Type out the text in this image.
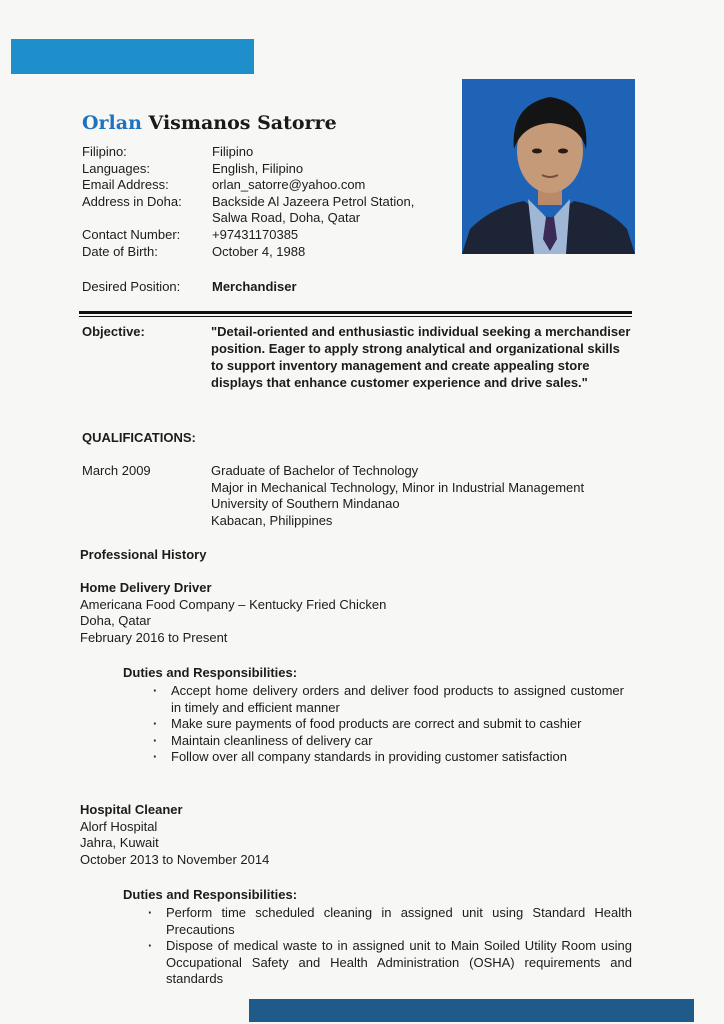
Orlan Vismanos Satorre
Filipino:	Filipino
Languages:	English, Filipino
Email Address:	orlan_satorre@yahoo.com
Address in Doha:	Backside Al Jazeera Petrol Station,
Salwa Road, Doha, Qatar
Contact Number:	+97431170385
Date of Birth:	October 4, 1988
Desired Position:	Merchandiser
Objective:	"Detail-oriented and enthusiastic individual seeking a merchandiser position. Eager to apply strong analytical and organizational skills to support inventory management and create appealing store displays that enhance customer experience and drive sales."
QUALIFICATIONS:
March 2009	Graduate of Bachelor of Technology
Major in Mechanical Technology, Minor in Industrial Management
University of Southern Mindanao
Kabacan, Philippines
Professional History
Home Delivery Driver
Americana Food Company – Kentucky Fried Chicken
Doha, Qatar
February 2016 to Present
Duties and Responsibilities:
· Accept home delivery orders and deliver food products to assigned customer in timely and efficient manner
· Make sure payments of food products are correct and submit to cashier
· Maintain cleanliness of delivery car
· Follow over all company standards in providing customer satisfaction
Hospital Cleaner
Alorf Hospital
Jahra, Kuwait
October 2013 to November 2014
Duties and Responsibilities:
· Perform time scheduled cleaning in assigned unit using Standard Health Precautions
· Dispose of medical waste to in assigned unit to Main Soiled Utility Room using Occupational Safety and Health Administration (OSHA) requirements and standards
